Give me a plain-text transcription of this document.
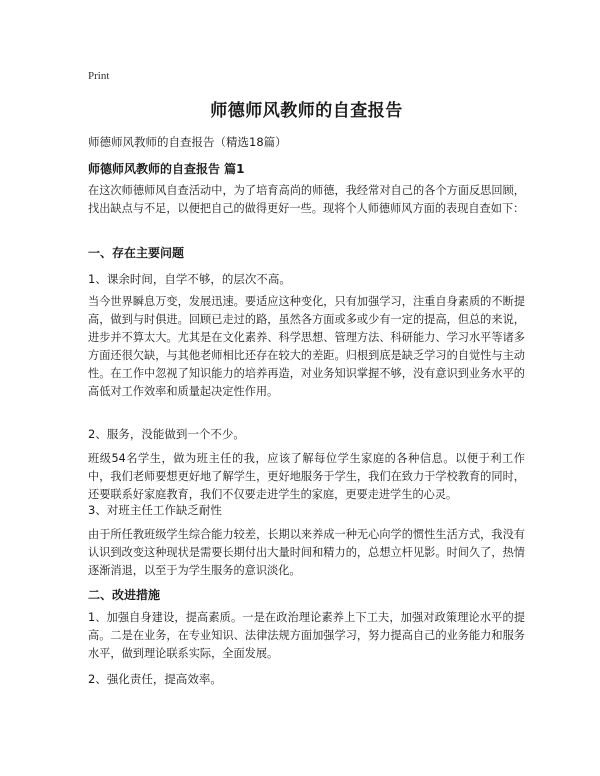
Print
师德师风教师的自查报告
师德师风教师的自查报告（精选18篇）
师德师风教师的自查报告 篇1
在这次师德师风自查活动中，为了培育高尚的师德，我经常对自己的各个方面反思回顾，找出缺点与不足，以便把自己的做得更好一些。现将个人师德师风方面的表现自查如下：
一、存在主要问题
1、课余时间，自学不够，的层次不高。
当今世界瞬息万变，发展迅速。要适应这种变化，只有加强学习，注重自身素质的不断提高，做到与时俱进。回顾已走过的路，虽然各方面或多或少有一定的提高，但总的来说，进步并不算太大。尤其是在文化素养、科学思想、管理方法、科研能力、学习水平等诸多方面还很欠缺，与其他老师相比还存在较大的差距。归根到底是缺乏学习的自觉性与主动性。在工作中忽视了知识能力的培养再造，对业务知识掌握不够，没有意识到业务水平的高低对工作效率和质量起决定性作用。
2、服务，没能做到一个不少。
班级54名学生，做为班主任的我，应该了解每位学生家庭的各种信息。以便于利工作中，我们老师要想更好地了解学生，更好地服务于学生，我们在致力于学校教育的同时，还要联系好家庭教育，我们不仅要走进学生的家庭，更要走进学生的心灵。
3、对班主任工作缺乏耐性
由于所任教班级学生综合能力较差，长期以来养成一种无心向学的惯性生活方式，我没有认识到改变这种现状是需要长期付出大量时间和精力的，总想立杆见影。时间久了，热情逐渐消退，以至于为学生服务的意识淡化。
二、改进措施
1、加强自身建设，提高素质。一是在政治理论素养上下工夫，加强对政策理论水平的提高。二是在业务，在专业知识、法律法规方面加强学习，努力提高自己的业务能力和服务水平，做到理论联系实际，全面发展。
2、强化责任，提高效率。
